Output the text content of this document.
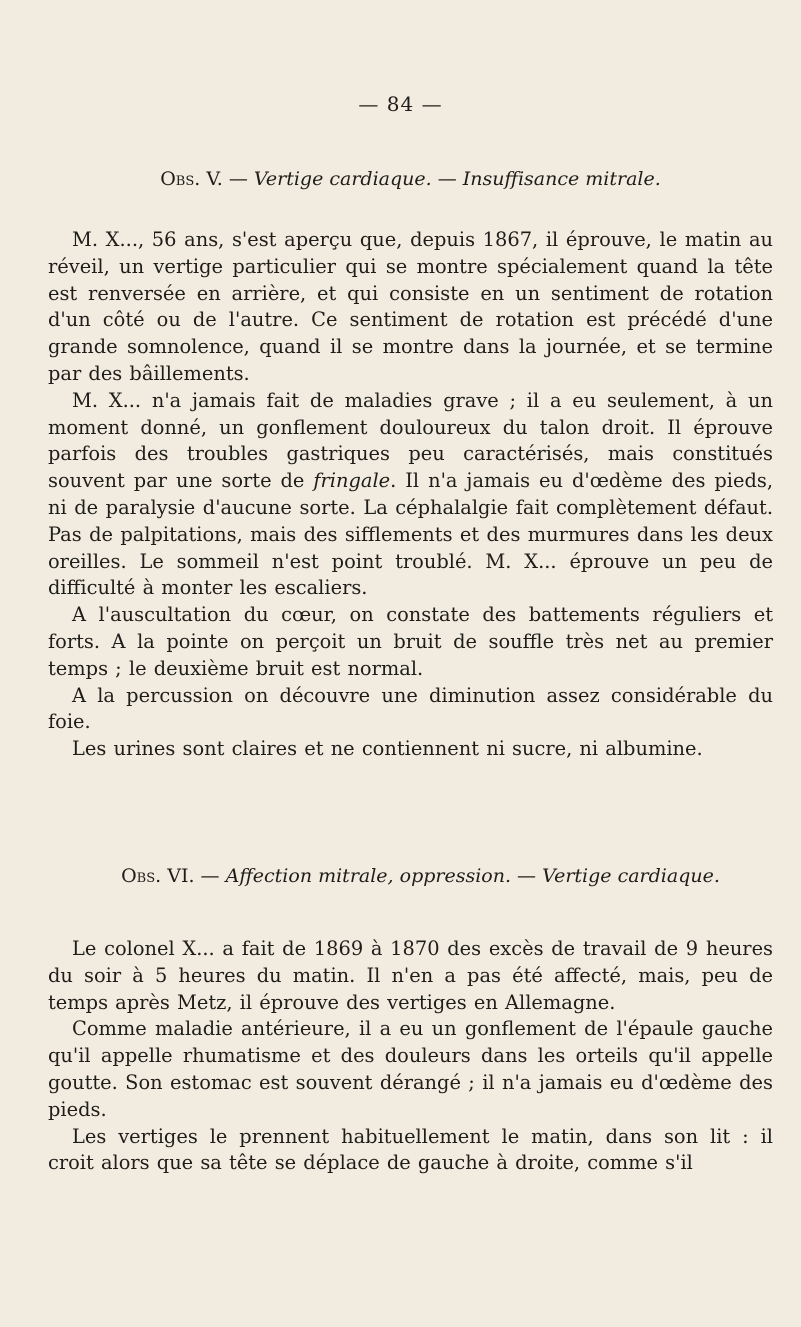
— 84 —
Obs. V. — Vertige cardiaque. — Insuffisance mitrale.

M. X..., 56 ans, s'est aperçu que, depuis 1867, il éprouve, le matin au réveil, un vertige particulier qui se montre spécialement quand la tête est renversée en arrière, et qui consiste en un sentiment de rotation d'un côté ou de l'autre. Ce sentiment de rotation est précédé d'une grande somnolence, quand il se montre dans la journée, et se termine par des bâillements.

M. X... n'a jamais fait de maladies grave ; il a eu seulement, à un moment donné, un gonflement douloureux du talon droit. Il éprouve parfois des troubles gastriques peu caractérisés, mais constitués souvent par une sorte de fringale. Il n'a jamais eu d'œdème des pieds, ni de paralysie d'aucune sorte. La céphalalgie fait complètement défaut. Pas de palpitations, mais des sifflements et des murmures dans les deux oreilles. Le sommeil n'est point troublé. M. X... éprouve un peu de difficulté à monter les escaliers.

A l'auscultation du cœur, on constate des battements réguliers et forts. A la pointe on perçoit un bruit de souffle très net au premier temps ; le deuxième bruit est normal.

A la percussion on découvre une diminution assez considérable du foie.

Les urines sont claires et ne contiennent ni sucre, ni albumine.

Obs. VI. — Affection mitrale, oppression. — Vertige cardiaque.

Le colonel X... a fait de 1869 à 1870 des excès de travail de 9 heures du soir à 5 heures du matin. Il n'en a pas été affecté, mais, peu de temps après Metz, il éprouve des vertiges en Allemagne.

Comme maladie antérieure, il a eu un gonflement de l'épaule gauche qu'il appelle rhumatisme et des douleurs dans les orteils qu'il appelle goutte. Son estomac est souvent dérangé ; il n'a jamais eu d'œdème des pieds.

Les vertiges le prennent habituellement le matin, dans son lit : il croit alors que sa tête se déplace de gauche à droite, comme s'il
